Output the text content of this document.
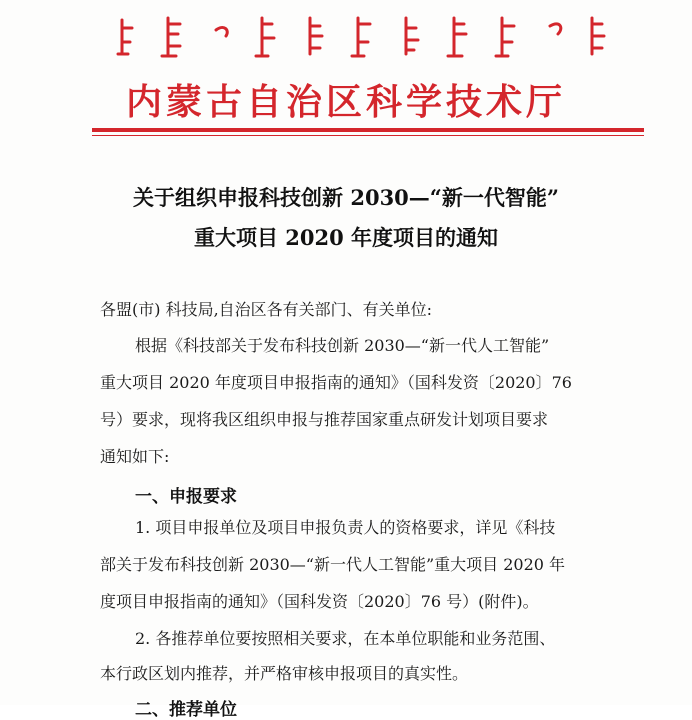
内蒙古自治区科学技术厅
关于组织申报科技创新 2030—“新一代智能”
重大项目 2020 年度项目的通知
各盟(市) 科技局,自治区各有关部门、有关单位:
根据《科技部关于发布科技创新 2030—“新一代人工智能”
重大项目 2020 年度项目申报指南的通知》（国科发资〔2020〕76
号）要求，现将我区组织申报与推荐国家重点研发计划项目要求
通知如下:
一、申报要求
1. 项目申报单位及项目申报负责人的资格要求，详见《科技
部关于发布科技创新 2030—“新一代人工智能”重大项目 2020 年
度项目申报指南的通知》（国科发资〔2020〕76 号）(附件)。
2. 各推荐单位要按照相关要求，在本单位职能和业务范围、
本行政区划内推荐，并严格审核申报项目的真实性。
二、推荐单位
